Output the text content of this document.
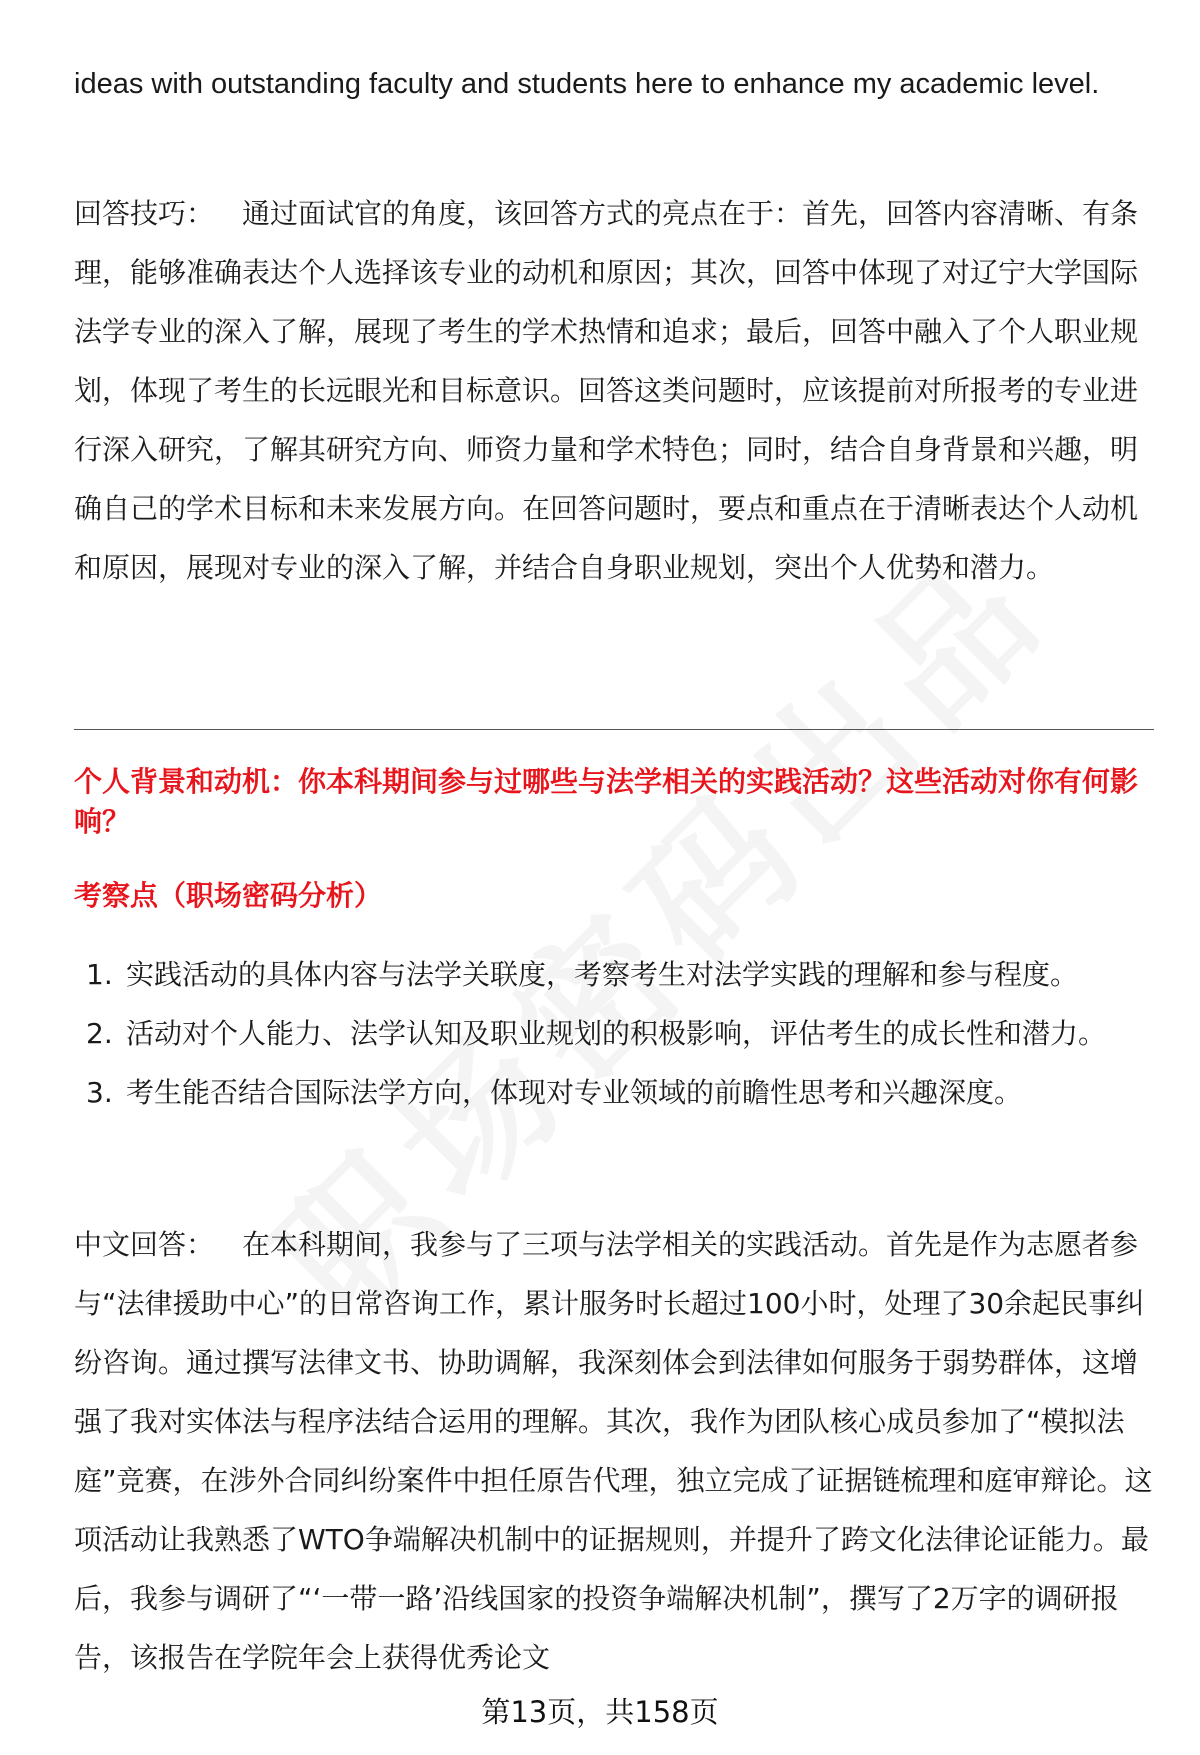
ideas with outstanding faculty and students here to enhance my academic level.

回答技巧： 通过面试官的角度，该回答方式的亮点在于：首先，回答内容清晰、有条理，能够准确表达个人选择该专业的动机和原因；其次，回答中体现了对辽宁大学国际法学专业的深入了解，展现了考生的学术热情和追求；最后，回答中融入了个人职业规划，体现了考生的长远眼光和目标意识。回答这类问题时，应该提前对所报考的专业进行深入研究，了解其研究方向、师资力量和学术特色；同时，结合自身背景和兴趣，明确自己的学术目标和未来发展方向。在回答问题时，要点和重点在于清晰表达个人动机和原因，展现对专业的深入了解，并结合自身职业规划，突出个人优势和潜力。

个人背景和动机：你本科期间参与过哪些与法学相关的实践活动？这些活动对你有何影响？

考察点（职场密码分析）

1. 实践活动的具体内容与法学关联度，考察考生对法学实践的理解和参与程度。
2. 活动对个人能力、法学认知及职业规划的积极影响，评估考生的成长性和潜力。
3. 考生能否结合国际法学方向，体现对专业领域的前瞻性思考和兴趣深度。

中文回答： 在本科期间，我参与了三项与法学相关的实践活动。首先是作为志愿者参与“法律援助中心”的日常咨询工作，累计服务时长超过100小时，处理了30余起民事纠纷咨询。通过撰写法律文书、协助调解，我深刻体会到法律如何服务于弱势群体，这增强了我对实体法与程序法结合运用的理解。其次，我作为团队核心成员参加了“模拟法庭”竞赛，在涉外合同纠纷案件中担任原告代理，独立完成了证据链梳理和庭审辩论。这项活动让我熟悉了WTO争端解决机制中的证据规则，并提升了跨文化法律论证能力。最后，我参与调研了“‘一带一路’沿线国家的投资争端解决机制”，撰写了2万字的调研报告，该报告在学院年会上获得优秀论文

第13页，共158页
